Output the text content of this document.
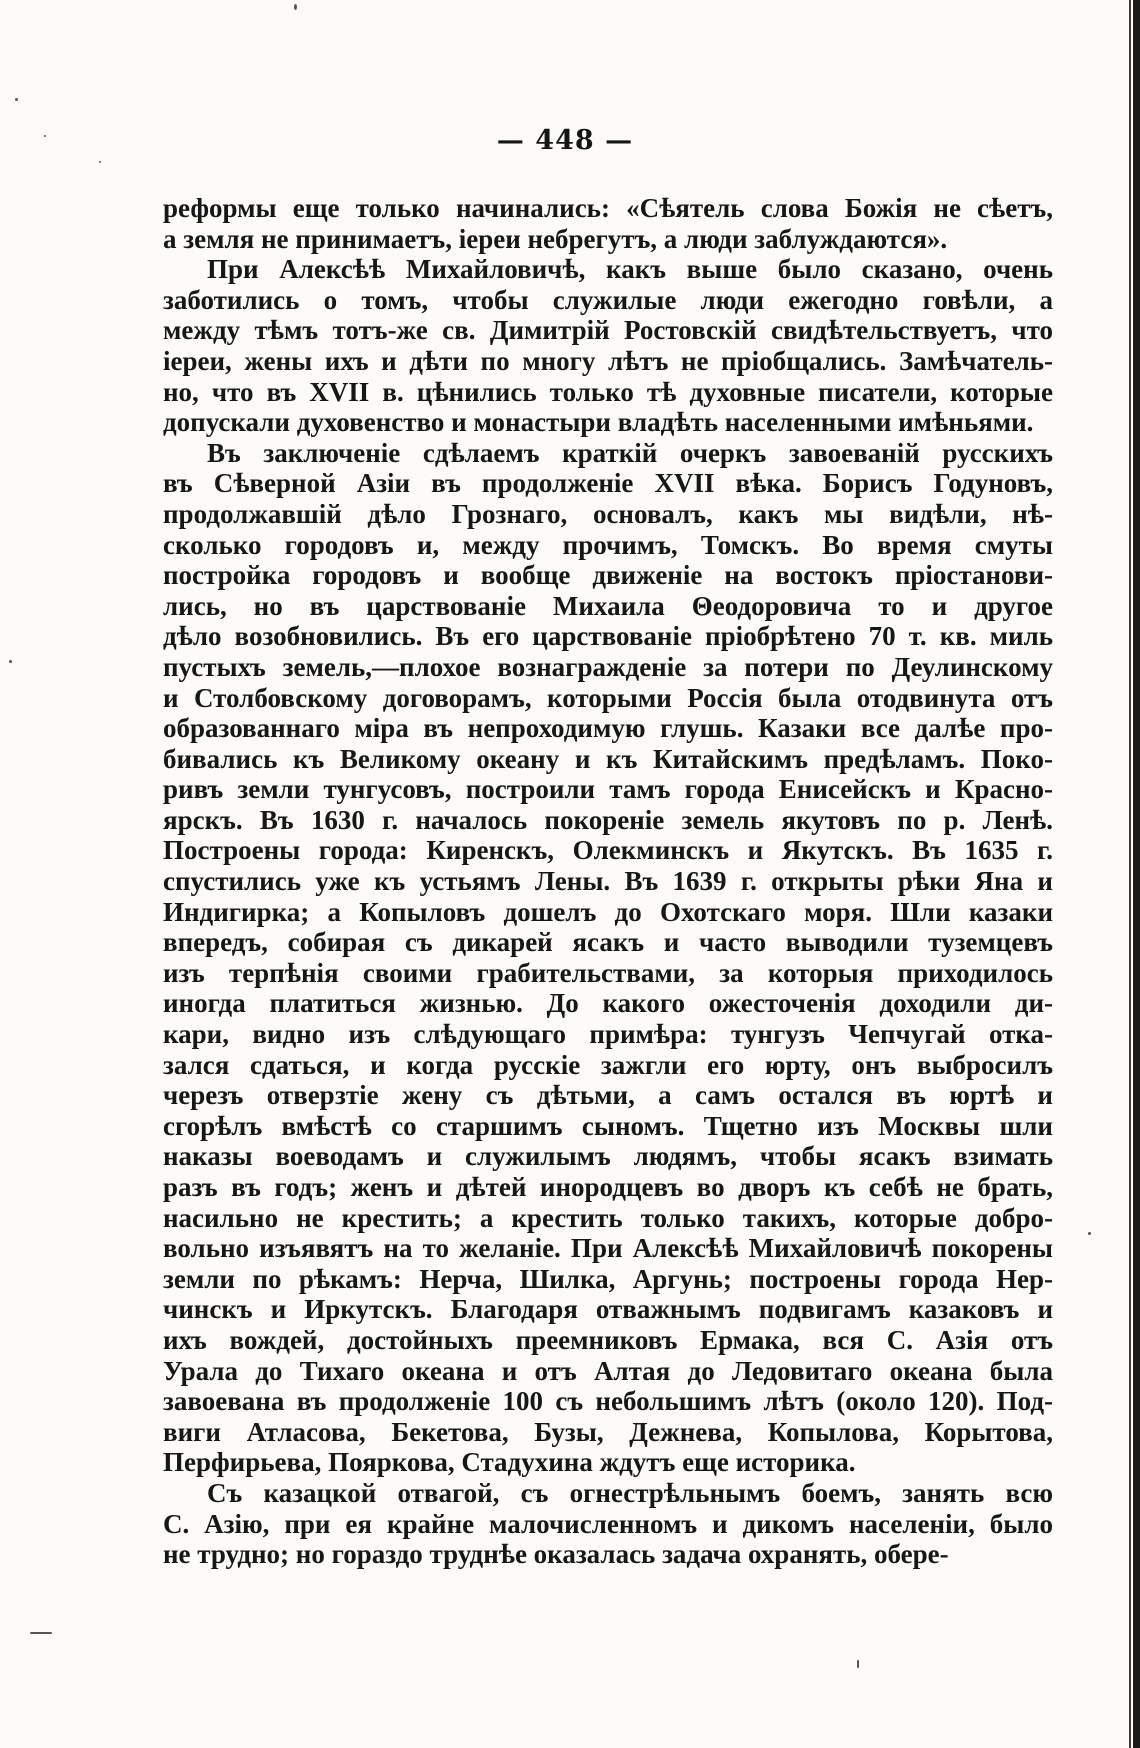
— 448 —
реформы еще только начинались: «Сѣятель слова Божія не сѣетъ,
а земля не принимаетъ, іереи небрегутъ, а люди заблуждаются».
При Алексѣѣ Михайловичѣ, какъ выше было сказано, очень
заботились о томъ, чтобы служилые люди ежегодно говѣли, а
между тѣмъ тотъ-же св. Димитрій Ростовскій свидѣтельствуетъ, что
іереи, жены ихъ и дѣти по многу лѣтъ не пріобщались. Замѣчатель-
но, что въ XVII в. цѣнились только тѣ духовные писатели, которые
допускали духовенство и монастыри владѣть населенными имѣньями.
Въ заключеніе сдѣлаемъ краткій очеркъ завоеваній русскихъ
въ Сѣверной Азіи въ продолженіе XVII вѣка. Борисъ Годуновъ,
продолжавшій дѣло Грознаго, основалъ, какъ мы видѣли, нѣ-
сколько городовъ и, между прочимъ, Томскъ. Во время смуты
постройка городовъ и вообще движеніе на востокъ пріостанови-
лись, но въ царствованіе Михаила Θеодоровича то и другое
дѣло возобновились. Въ его царствованіе пріобрѣтено 70 т. кв. миль
пустыхъ земель,—плохое вознагражденіе за потери по Деулинскому
и Столбовскому договорамъ, которыми Россія была отодвинута отъ
образованнаго міра въ непроходимую глушь. Казаки все далѣе про-
бивались къ Великому океану и къ Китайскимъ предѣламъ. Поко-
ривъ земли тунгусовъ, построили тамъ города Енисейскъ и Красно-
ярскъ. Въ 1630 г. началось покореніе земель якутовъ по р. Ленѣ.
Построены города: Киренскъ, Олекминскъ и Якутскъ. Въ 1635 г.
спустились уже къ устьямъ Лены. Въ 1639 г. открыты рѣки Яна и
Индигирка; а Копыловъ дошелъ до Охотскаго моря. Шли казаки
впередъ, собирая съ дикарей ясакъ и часто выводили туземцевъ
изъ терпѣнія своими грабительствами, за которыя приходилось
иногда платиться жизнью. До какого ожесточенія доходили ди-
кари, видно изъ слѣдующаго примѣра: тунгузъ Чепчугай отка-
зался сдаться, и когда русскіе зажгли его юрту, онъ выбросилъ
черезъ отверзтіе жену съ дѣтьми, а самъ остался въ юртѣ и
сгорѣлъ вмѣстѣ со старшимъ сыномъ. Тщетно изъ Москвы шли
наказы воеводамъ и служилымъ людямъ, чтобы ясакъ взимать
разъ въ годъ; женъ и дѣтей инородцевъ во дворъ къ себѣ не брать,
насильно не крестить; а крестить только такихъ, которые добро-
вольно изъявятъ на то желаніе. При Алексѣѣ Михайловичѣ покорены
земли по рѣкамъ: Нерча, Шилка, Аргунь; построены города Нер-
чинскъ и Иркутскъ. Благодаря отважнымъ подвигамъ казаковъ и
ихъ вождей, достойныхъ преемниковъ Ермака, вся С. Азія отъ
Урала до Тихаго океана и отъ Алтая до Ледовитаго океана была
завоевана въ продолженіе 100 съ небольшимъ лѣтъ (около 120). Под-
виги Атласова, Бекетова, Бузы, Дежнева, Копылова, Корытова,
Перфирьева, Пояркова, Стадухина ждутъ еще историка.
Съ казацкой отвагой, съ огнестрѣльнымъ боемъ, занять всю
С. Азію, при ея крайне малочисленномъ и дикомъ населеніи, было
не трудно; но гораздо труднѣе оказалась задача охранять, обере-
